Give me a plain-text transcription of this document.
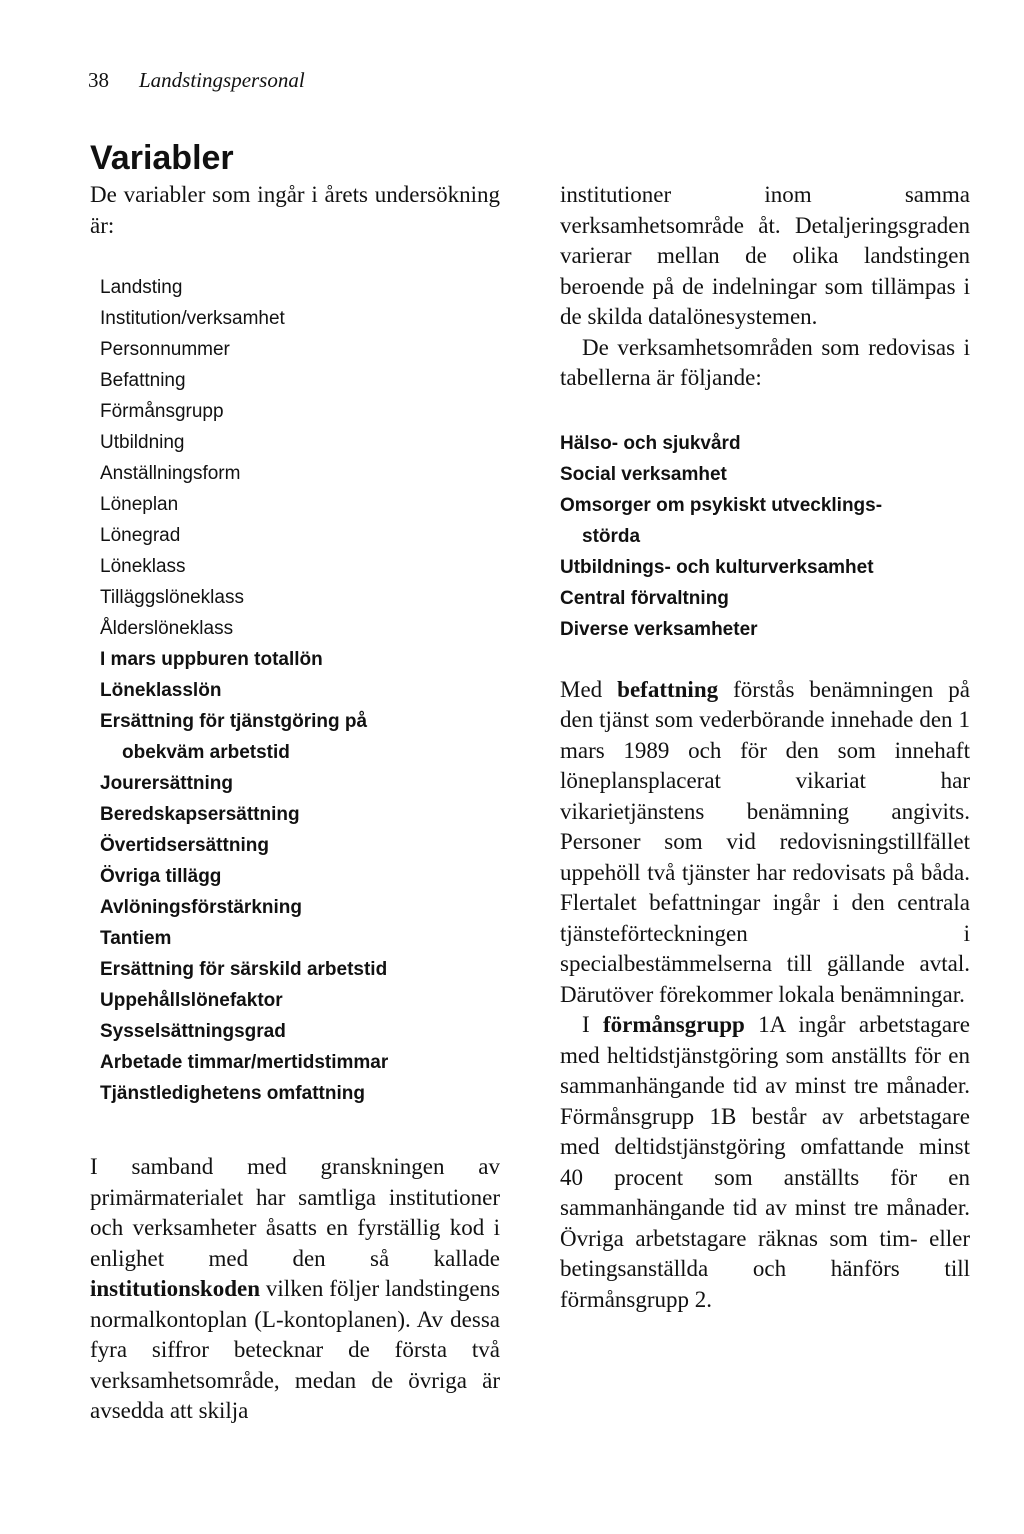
38 Landstingspersonal
Variabler

De variabler som ingår i årets undersökning är:

Landsting
Institution/verksamhet
Personnummer
Befattning
Förmånsgrupp
Utbildning
Anställningsform
Löneplan
Lönegrad
Löneklass
Tilläggslöneklass
Ålderslöneklass
I mars uppburen totallön
Löneklasslön
Ersättning för tjänstgöring på
obekväm arbetstid
Jourersättning
Beredskapsersättning
Övertidsersättning
Övriga tillägg
Avlöningsförstärkning
Tantiem
Ersättning för särskild arbetstid
Uppehållslönefaktor
Sysselsättningsgrad
Arbetade timmar/mertidstimmar
Tjänstledighetens omfattning

I samband med granskningen av primärmaterialet har samtliga institutioner och verksamheter åsatts en fyrställig kod i enlighet med den så kallade institutionskoden vilken följer landstingens normalkontoplan (L-kontoplanen). Av dessa fyra siffror betecknar de första två verksamhetsområde, medan de övriga är avsedda att skilja

institutioner inom samma verksamhetsområde åt. Detaljeringsgraden varierar mellan de olika landstingen beroende på de indelningar som tillämpas i de skilda datalönesystemen.

De verksamhetsområden som redovisas i tabellerna är följande:

Hälso- och sjukvård
Social verksamhet
Omsorger om psykiskt utvecklings-
störda
Utbildnings- och kulturverksamhet
Central förvaltning
Diverse verksamheter

Med befattning förstås benämningen på den tjänst som vederbörande innehade den 1 mars 1989 och för den som innehaft löneplansplacerat vikariat har vikarietjänstens benämning angivits. Personer som vid redovisningstillfället uppehöll två tjänster har redovisats på båda. Flertalet befattningar ingår i den centrala tjänsteförteckningen i specialbestämmelserna till gällande avtal. Därutöver förekommer lokala benämningar.

I förmånsgrupp 1A ingår arbetstagare med heltidstjänstgöring som anställts för en sammanhängande tid av minst tre månader. Förmånsgrupp 1B består av arbetstagare med deltidstjänstgöring omfattande minst 40 procent som anställts för en sammanhängande tid av minst tre månader. Övriga arbetstagare räknas som tim- eller betingsanställda och hänförs till förmånsgrupp 2.
